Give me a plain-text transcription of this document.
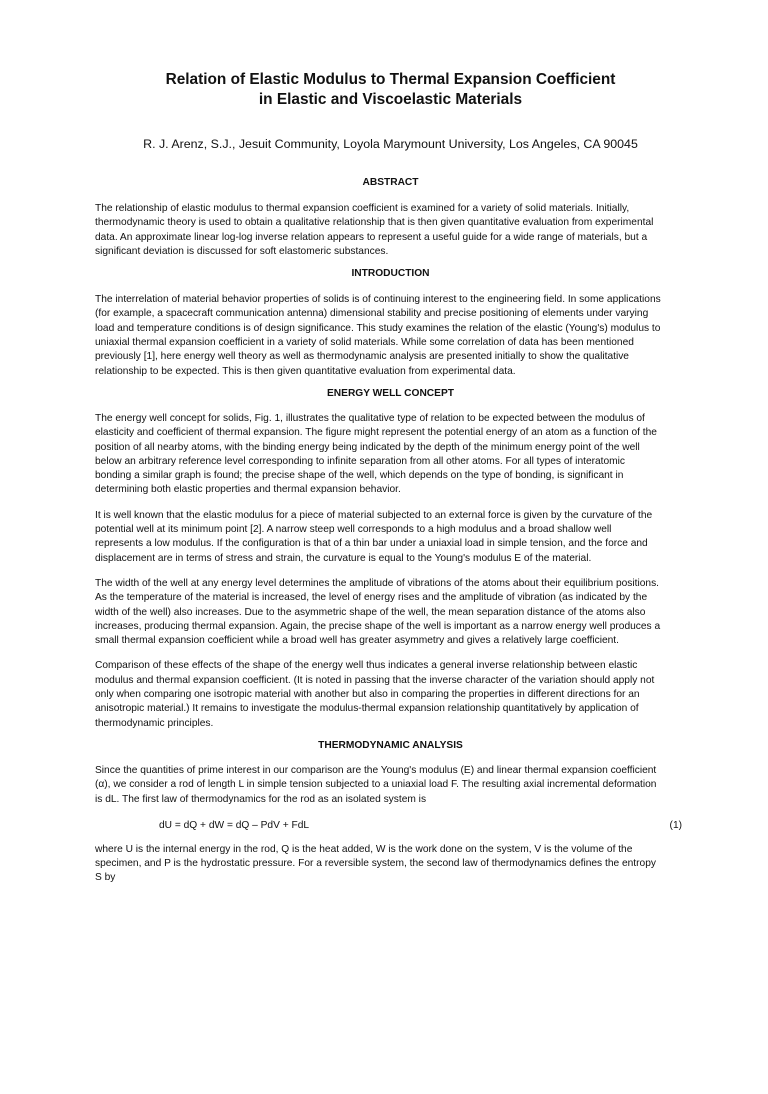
Relation of Elastic Modulus to Thermal Expansion Coefficient
in Elastic and Viscoelastic Materials

R. J. Arenz, S.J., Jesuit Community, Loyola Marymount University, Los Angeles, CA 90045

ABSTRACT
The relationship of elastic modulus to thermal expansion coefficient is examined for a variety of solid materials. Initially,
thermodynamic theory is used to obtain a qualitative relationship that is then given quantitative evaluation from experimental
data. An approximate linear log-log inverse relation appears to represent a useful guide for a wide range of materials, but a
significant deviation is discussed for soft elastomeric substances.
INTRODUCTION
The interrelation of material behavior properties of solids is of continuing interest to the engineering field. In some applications
(for example, a spacecraft communication antenna) dimensional stability and precise positioning of elements under varying
load and temperature conditions is of design significance. This study examines the relation of the elastic (Young's) modulus to
uniaxial thermal expansion coefficient in a variety of solid materials. While some correlation of data has been mentioned
previously [1], here energy well theory as well as thermodynamic analysis are presented initially to show the qualitative
relationship to be expected. This is then given quantitative evaluation from experimental data.
ENERGY WELL CONCEPT
The energy well concept for solids, Fig. 1, illustrates the qualitative type of relation to be expected between the modulus of
elasticity and coefficient of thermal expansion. The figure might represent the potential energy of an atom as a function of the
position of all nearby atoms, with the binding energy being indicated by the depth of the minimum energy point of the well
below an arbitrary reference level corresponding to infinite separation from all other atoms. For all types of interatomic
bonding a similar graph is found; the precise shape of the well, which depends on the type of bonding, is significant in
determining both elastic properties and thermal expansion behavior.
It is well known that the elastic modulus for a piece of material subjected to an external force is given by the curvature of the
potential well at its minimum point [2]. A narrow steep well corresponds to a high modulus and a broad shallow well
represents a low modulus. If the configuration is that of a thin bar under a uniaxial load in simple tension, and the force and
displacement are in terms of stress and strain, the curvature is equal to the Young's modulus E of the material.
The width of the well at any energy level determines the amplitude of vibrations of the atoms about their equilibrium positions.
As the temperature of the material is increased, the level of energy rises and the amplitude of vibration (as indicated by the
width of the well) also increases. Due to the asymmetric shape of the well, the mean separation distance of the atoms also
increases, producing thermal expansion. Again, the precise shape of the well is important as a narrow energy well produces a
small thermal expansion coefficient while a broad well has greater asymmetry and gives a relatively large coefficient.
Comparison of these effects of the shape of the energy well thus indicates a general inverse relationship between elastic
modulus and thermal expansion coefficient. (It is noted in passing that the inverse character of the variation should apply not
only when comparing one isotropic material with another but also in comparing the properties in different directions for an
anisotropic material.) It remains to investigate the modulus-thermal expansion relationship quantitatively by application of
thermodynamic principles.
THERMODYNAMIC ANALYSIS
Since the quantities of prime interest in our comparison are the Young's modulus (E) and linear thermal expansion coefficient
(α), we consider a rod of length L in simple tension subjected to a uniaxial load F. The resulting axial incremental deformation
is dL. The first law of thermodynamics for the rod as an isolated system is
dU = dQ + dW = dQ – PdV + FdL	(1)
where U is the internal energy in the rod, Q is the heat added, W is the work done on the system, V is the volume of the
specimen, and P is the hydrostatic pressure. For a reversible system, the second law of thermodynamics defines the entropy
S by
